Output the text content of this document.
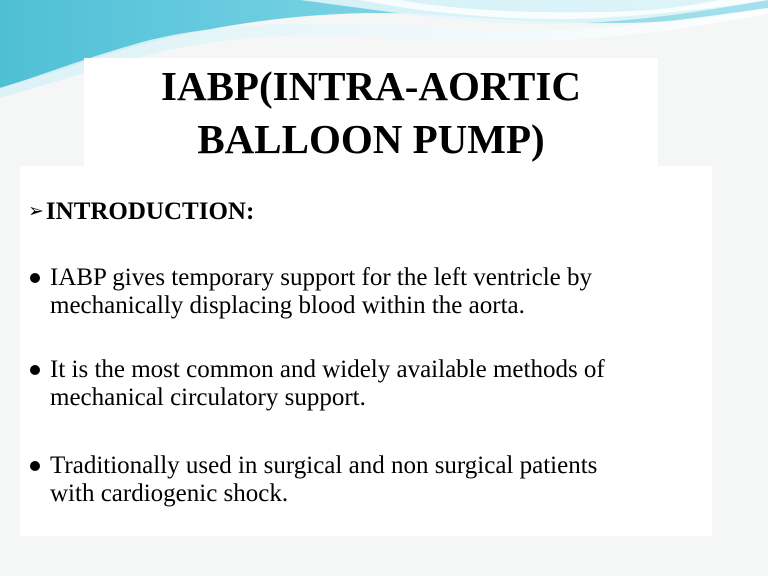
IABP(INTRA-AORTIC
BALLOON PUMP)
➢INTRODUCTION:
IABP gives temporary support for the left ventricle by
mechanically displacing blood within the aorta.
It is the most common and widely available methods of
mechanical circulatory support.
Traditionally used in surgical and non surgical patients
with cardiogenic shock.
